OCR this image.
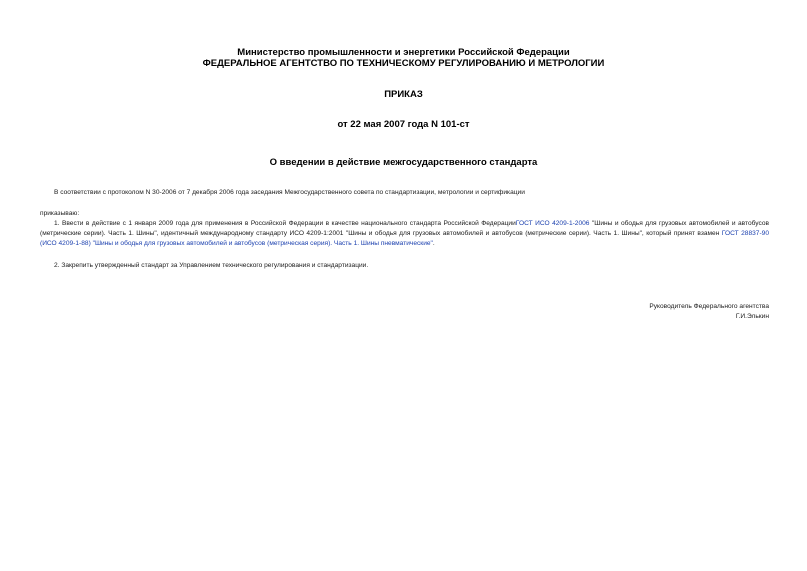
Министерство промышленности и энергетики Российской Федерации
ФЕДЕРАЛЬНОЕ АГЕНТСТВО ПО ТЕХНИЧЕСКОМУ РЕГУЛИРОВАНИЮ И МЕТРОЛОГИИ
ПРИКАЗ
от 22 мая 2007 года N 101-ст
О введении в действие межгосударственного стандарта
В соответствии с протоколом N 30-2006 от 7 декабря 2006 года заседания Межгосударственного совета по стандартизации, метрологии и сертификации
приказываю:
1. Ввести в действие с 1 января 2009 года для применения в Российской Федерации в качестве национального стандарта Российской ФедерацииГОСТ ИСО 4209-1-2006 "Шины и ободья для грузовых автомобилей и автобусов (метрические серии). Часть 1. Шины", идентичный международному стандарту ИСО 4209-1:2001 "Шины и ободья для грузовых автомобилей и автобусов (метрические серии). Часть 1. Шины", который принят взамен ГОСТ 28837-90 (ИСО 4209-1-88) "Шины и ободья для грузовых автомобилей и автобусов (метрическая серия). Часть 1. Шины пневматические".
2. Закрепить утвержденный стандарт за Управлением технического регулирования и стандартизации.
Руководитель Федерального агентства
Г.И.Элькин
